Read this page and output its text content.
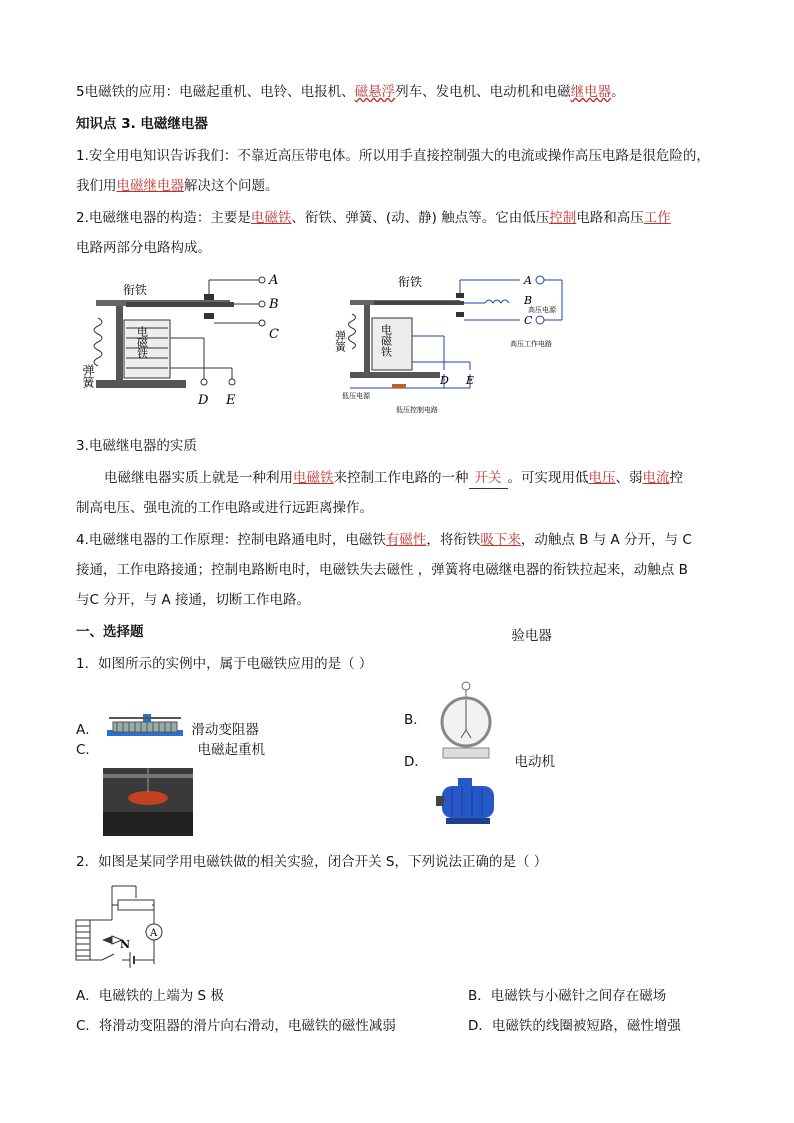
5电磁铁的应用：电磁起重机、电铃、电报机、磁悬浮列车、发电机、电动机和电磁继电器。
知识点 3. 电磁继电器
1.安全用电知识告诉我们：不靠近高压带电体。所以用手直接控制强大的电流或操作高压电路是很危险的，
我们用电磁继电器解决这个问题。
2.电磁继电器的构造：主要是电磁铁、衔铁、弹簧、(动、静) 触点等。它由低压控制电路和高压工作
电路两部分电路构成。
衔铁
弹簧
电磁铁
A
B
C
D E
衔铁
弹簧	电磁铁
A
B
C
D E
高压电源
高压工作电路
低压电源
低压控制电路
3.电磁继电器的实质
电磁继电器实质上就是一种利用电磁铁来控制工作电路的一种 开关 。可实现用低电压、弱电流控
制高电压、强电流的工作电路或进行远距离操作。
4.电磁继电器的工作原理：控制电路通电时，电磁铁有磁性，将衔铁吸下来，动触点 B 与 A 分开，与 C
接通，工作电路接通；控制电路断电时，电磁铁失去磁性 ，弹簧将电磁继电器的衔铁拉起来，动触点 B
与C 分开，与 A 接通，切断工作电路。
一、选择题
1．如图所示的实例中，属于电磁铁应用的是（ ）
A．	滑动变阻器
B．  验电器
C．	电磁起重机
D．	电动机
2．如图是某同学用电磁铁做的相关实验，闭合开关 S，下列说法正确的是（ ）
N
A
A．电磁铁的上端为 S 极	B．电磁铁与小磁针之间存在磁场
C．将滑动变阻器的滑片向右滑动，电磁铁的磁性减弱	D．电磁铁的线圈被短路，磁性增强
